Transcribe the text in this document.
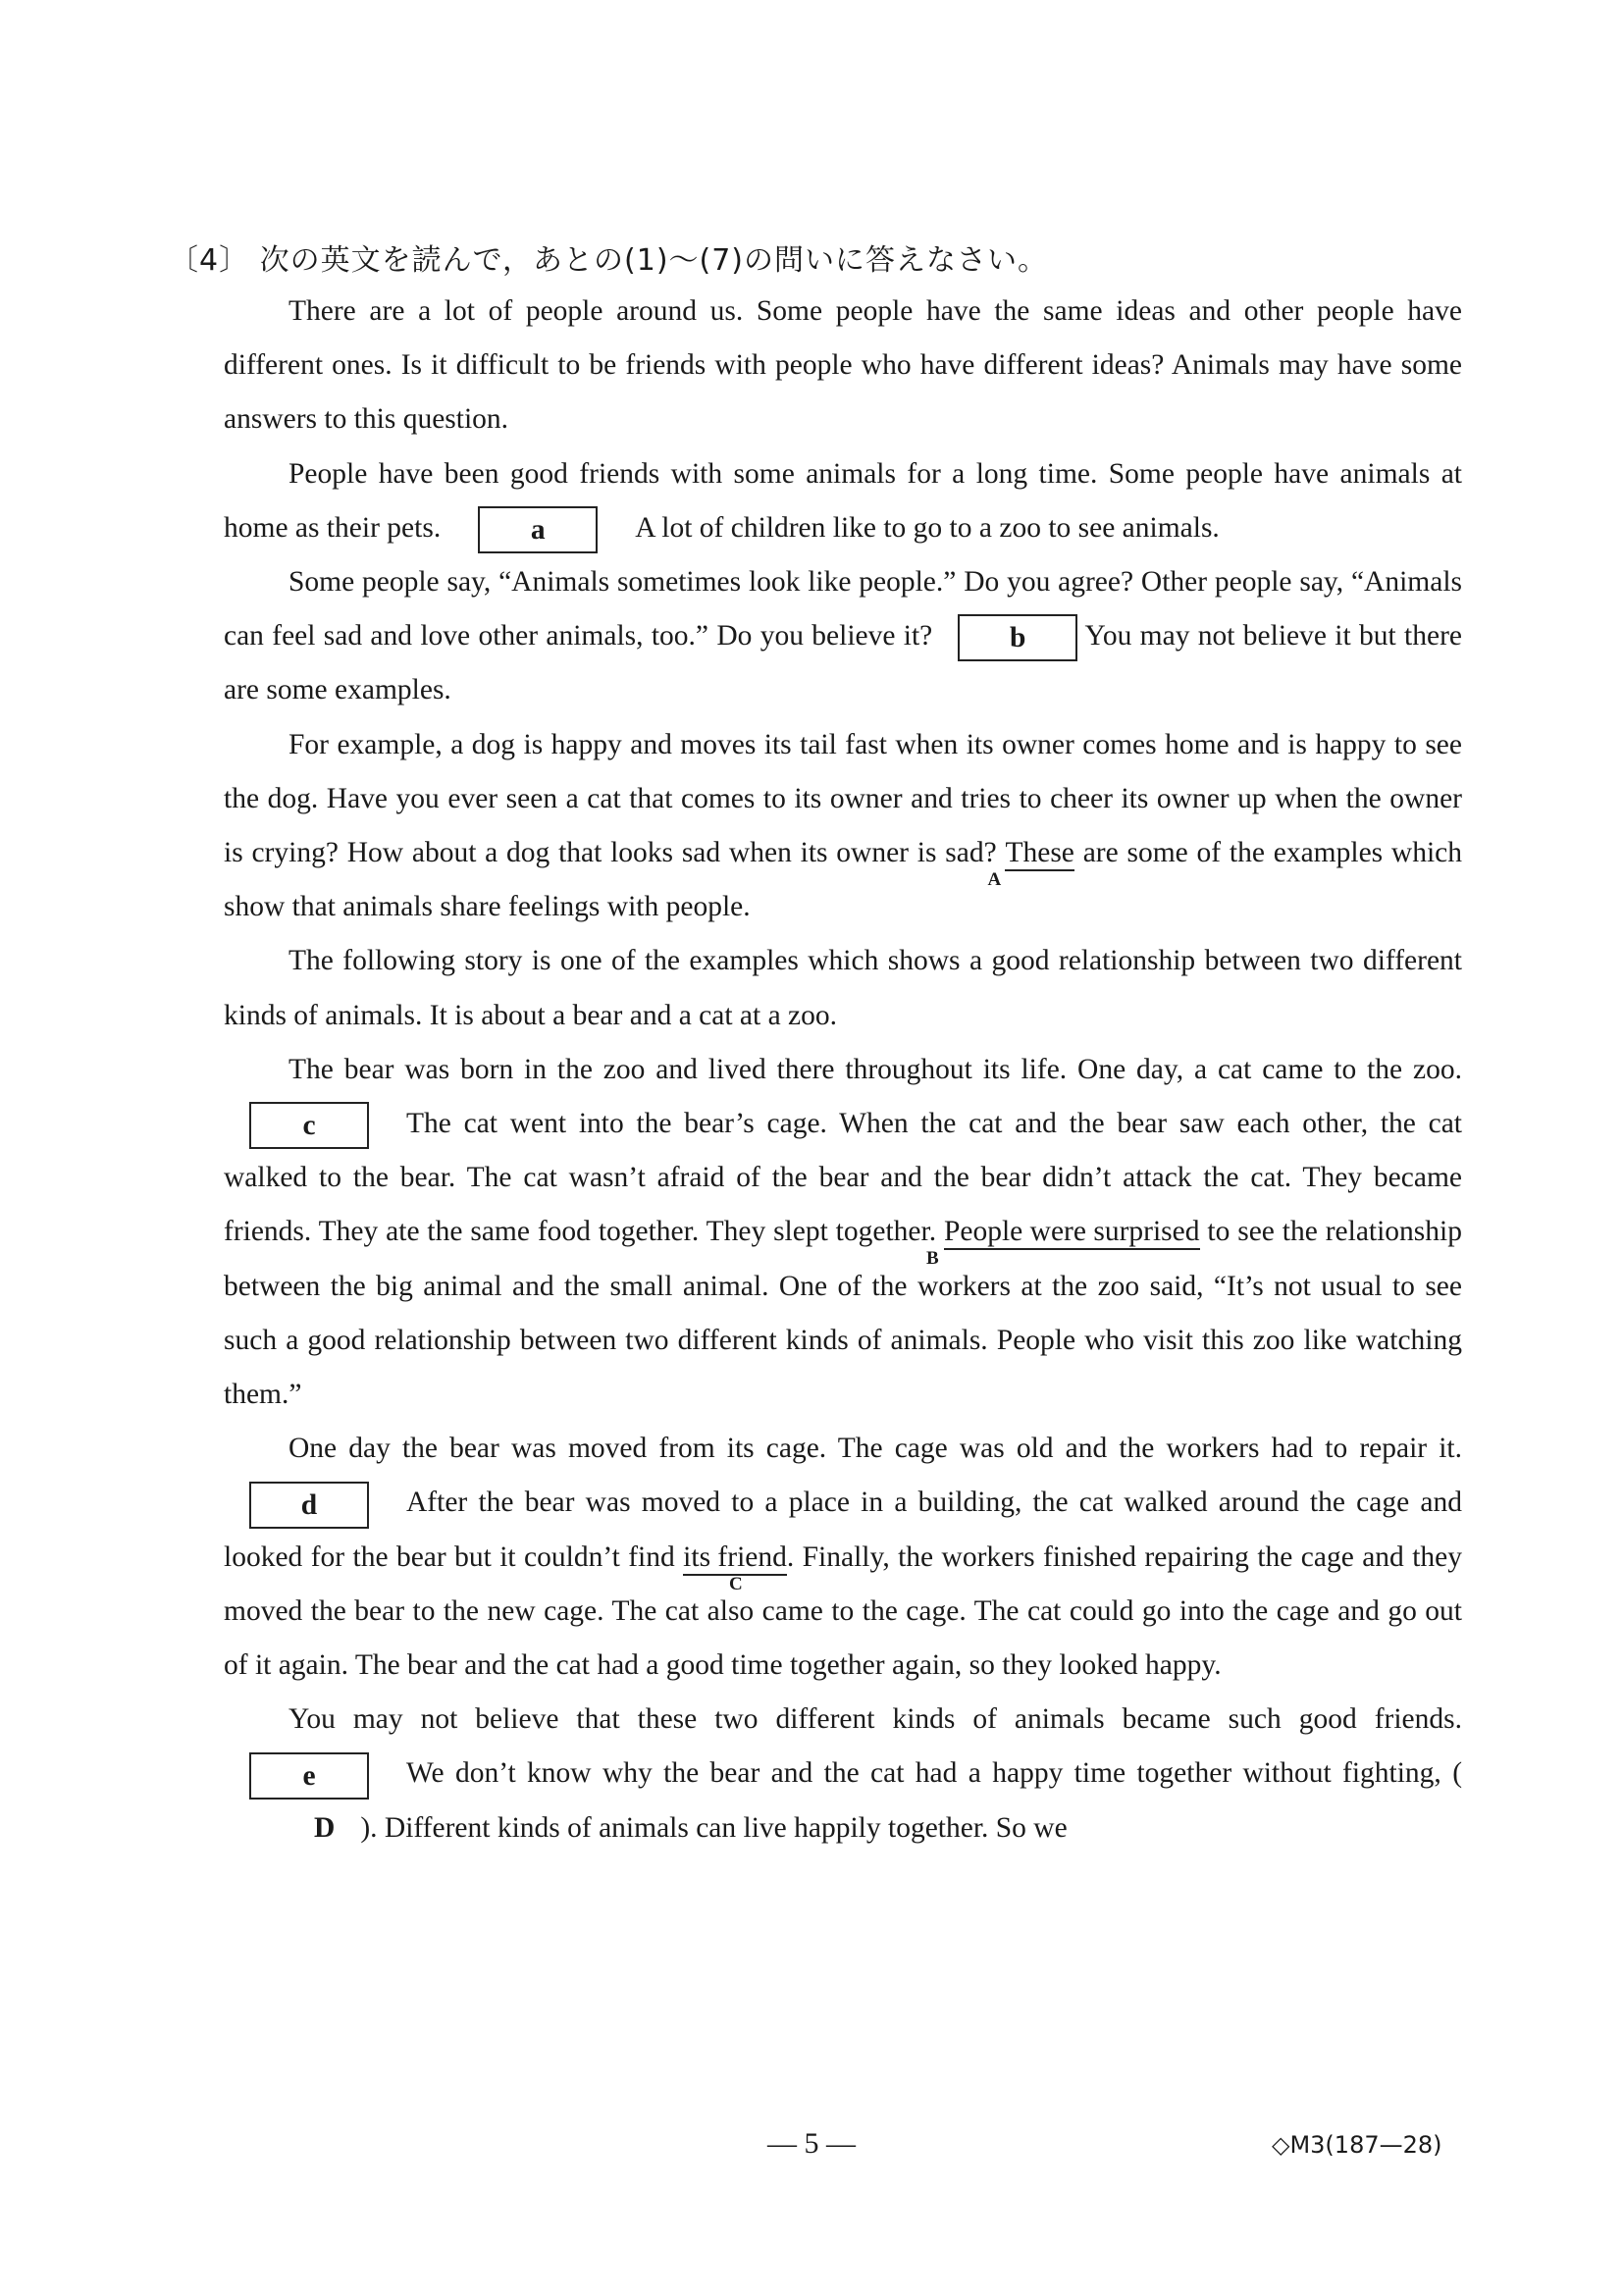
〔4〕 次の英文を読んで，あとの(1)～(7)の問いに答えなさい。

There are a lot of people around us. Some people have the same ideas and other people have different ones. Is it difficult to be friends with people who have different ideas? Animals may have some answers to this question.

People have been good friends with some animals for a long time. Some people have animals at home as their pets.	a	A lot of children like to go to a zoo to see animals.

Some people say, “Animals sometimes look like people.” Do you agree? Other people say, “Animals can feel sad and love other animals, too.” Do you believe it?	b You may not believe it but there are some examples.

For example, a dog is happy and moves its tail fast when its owner comes home and is happy to see the dog. Have you ever seen a cat that comes to its owner and tries to cheer its owner up when the owner is crying? How about a dog that looks sad when its owner is sad? These
A
are some of the examples which show that animals share feelings with people.

The following story is one of the examples which shows a good relationship between two different kinds of animals. It is about a bear and a cat at a zoo.

The bear was born in the zoo and lived there throughout its life. One day, a cat came to the zoo.c	The cat went into the bear’s cage. When the cat and the bear saw each other, the cat walked to the bear. The cat wasn’t afraid of the bear and the bear didn’t attack the cat. They became friends. They ate the same food together. They slept together. People were surprised
B
to see the relationship between the big animal and the small animal. One of the workers at the zoo said, “It’s not usual to see such a good relationship between two different kinds of animals. People who visit this zoo like watching them.”

One day the bear was moved from its cage. The cage was old and the workers had to repair it.d	After the bear was moved to a place in a building, the cat walked around the cage and looked for the bear but it couldn’t find its friend
C
. Finally, the workers finished repairing the cage and they moved the bear to the new cage. The cat also came to the cage. The cat could go into the cage and go out of it again. The bear and the cat had a good time together again, so they looked happy.

You may not believe that these two different kinds of animals became such good friends.e	We don’t know why the bear and the cat had a happy time together without fighting, (D ). Different kinds of animals can live happily together. So we

— 5 —	◇M3(187—28)
